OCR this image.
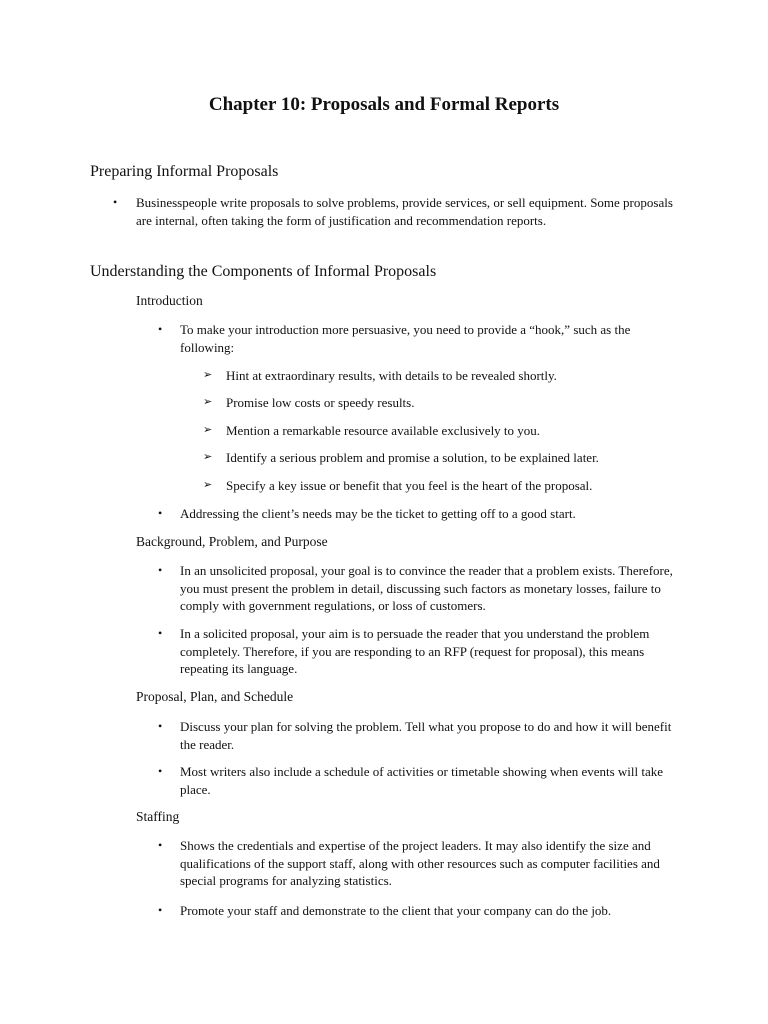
Chapter 10: Proposals and Formal Reports
Preparing Informal Proposals
• Businesspeople write proposals to solve problems, provide services, or sell equipment. Some proposals are internal, often taking the form of justification and recommendation reports.
Understanding the Components of Informal Proposals
Introduction
• To make your introduction more persuasive, you need to provide a “hook,” such as the following:
➢ Hint at extraordinary results, with details to be revealed shortly.
➢ Promise low costs or speedy results.
➢ Mention a remarkable resource available exclusively to you.
➢ Identify a serious problem and promise a solution, to be explained later.
➢ Specify a key issue or benefit that you feel is the heart of the proposal.
• Addressing the client’s needs may be the ticket to getting off to a good start.
Background, Problem, and Purpose
• In an unsolicited proposal, your goal is to convince the reader that a problem exists. Therefore, you must present the problem in detail, discussing such factors as monetary losses, failure to comply with government regulations, or loss of customers.
• In a solicited proposal, your aim is to persuade the reader that you understand the problem completely. Therefore, if you are responding to an RFP (request for proposal), this means repeating its language.
Proposal, Plan, and Schedule
• Discuss your plan for solving the problem. Tell what you propose to do and how it will benefit the reader.
• Most writers also include a schedule of activities or timetable showing when events will take place.
Staffing
• Shows the credentials and expertise of the project leaders. It may also identify the size and qualifications of the support staff, along with other resources such as computer facilities and special programs for analyzing statistics.
• Promote your staff and demonstrate to the client that your company can do the job.
